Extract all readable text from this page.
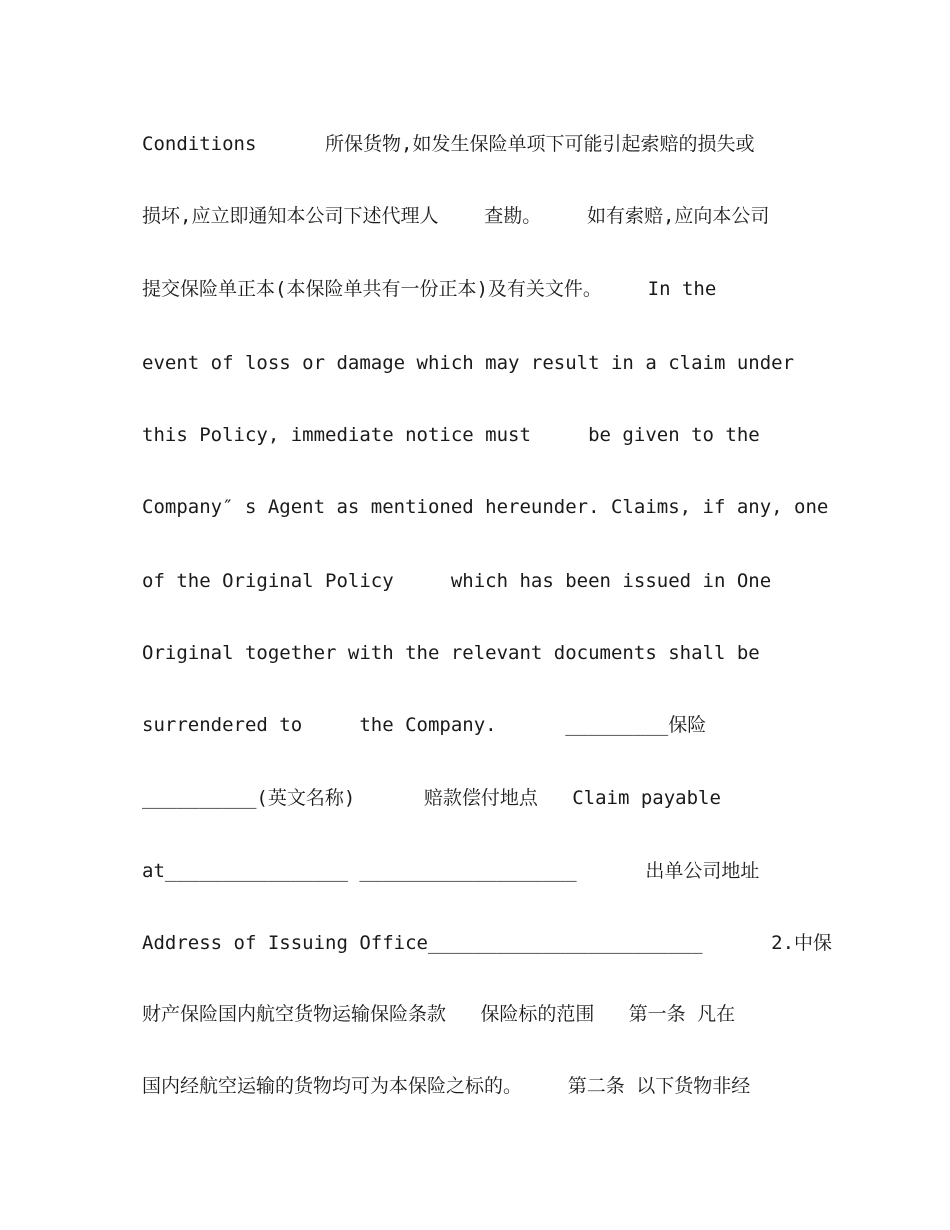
Conditions      所保货物,如发生保险单项下可能引起索赔的损失或
损坏,应立即通知本公司下述代理人    查勘。    如有索赔,应向本公司
提交保险单正本(本保险单共有一份正本)及有关文件。    In the
event of loss or damage which may result in a claim under
this Policy, immediate notice must     be given to the
Company″ s Agent as mentioned hereunder. Claims, if any, one
of the Original Policy     which has been issued in One
Original together with the relevant documents shall be
surrendered to     the Company.      _________保险
__________(英文名称)      赔款偿付地点   Claim payable
at________________ ___________________      出单公司地址
Address of Issuing Office________________________      2.中保
财产保险国内航空货物运输保险条款   保险标的范围   第一条 凡在
国内经航空运输的货物均可为本保险之标的。    第二条 以下货物非经
